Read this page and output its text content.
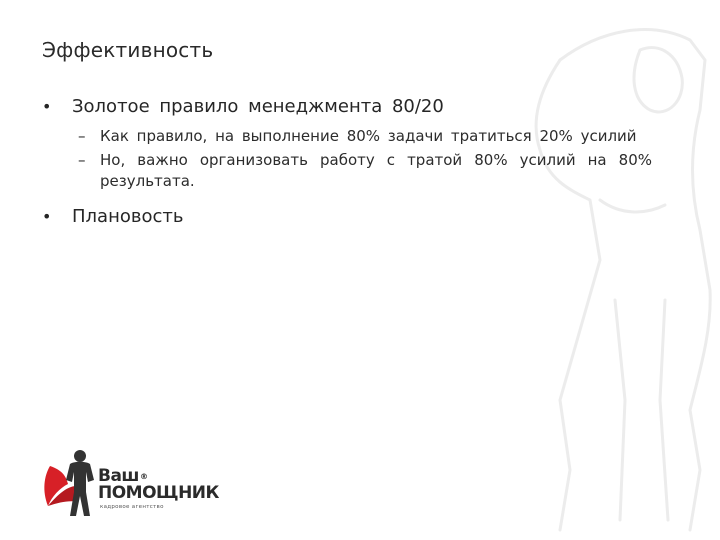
Эффективность
• Золотое правило менеджмента 80/20
– Как правило, на выполнение 80% задачи тратиться 20% усилий
– Но, важно организовать работу с тратой 80% усилий на 80% результата.
• Плановость
Ваш®
ПОМОЩНИК
кадровое агентство
